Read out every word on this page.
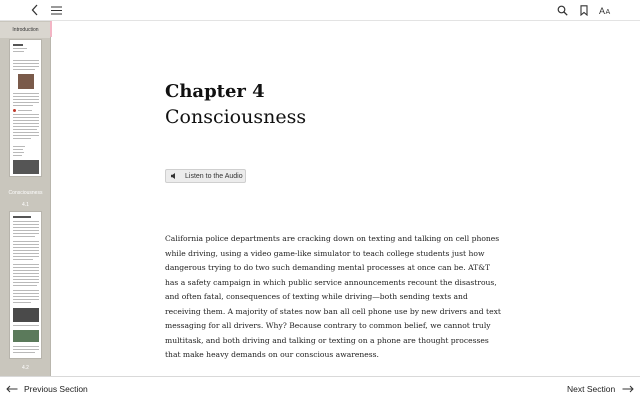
A A
Introduction
Consciousness
4.1
4.2
Chapter 4
Consciousness
Listen to the Audio

California police departments are cracking down on texting and talking on cell phones while driving, using a video game-like simulator to teach college students just how dangerous trying to do two such demanding mental processes at once can be. AT&T has a safety campaign in which public service announcements recount the disastrous, and often fatal, consequences of texting while driving—both sending texts and receiving them. A majority of states now ban all cell phone use by new drivers and text messaging for all drivers. Why? Because contrary to common belief, we cannot truly multitask, and both driving and talking or texting on a phone are thought processes that make heavy demands on our conscious awareness.

Previous Section	Next Section
